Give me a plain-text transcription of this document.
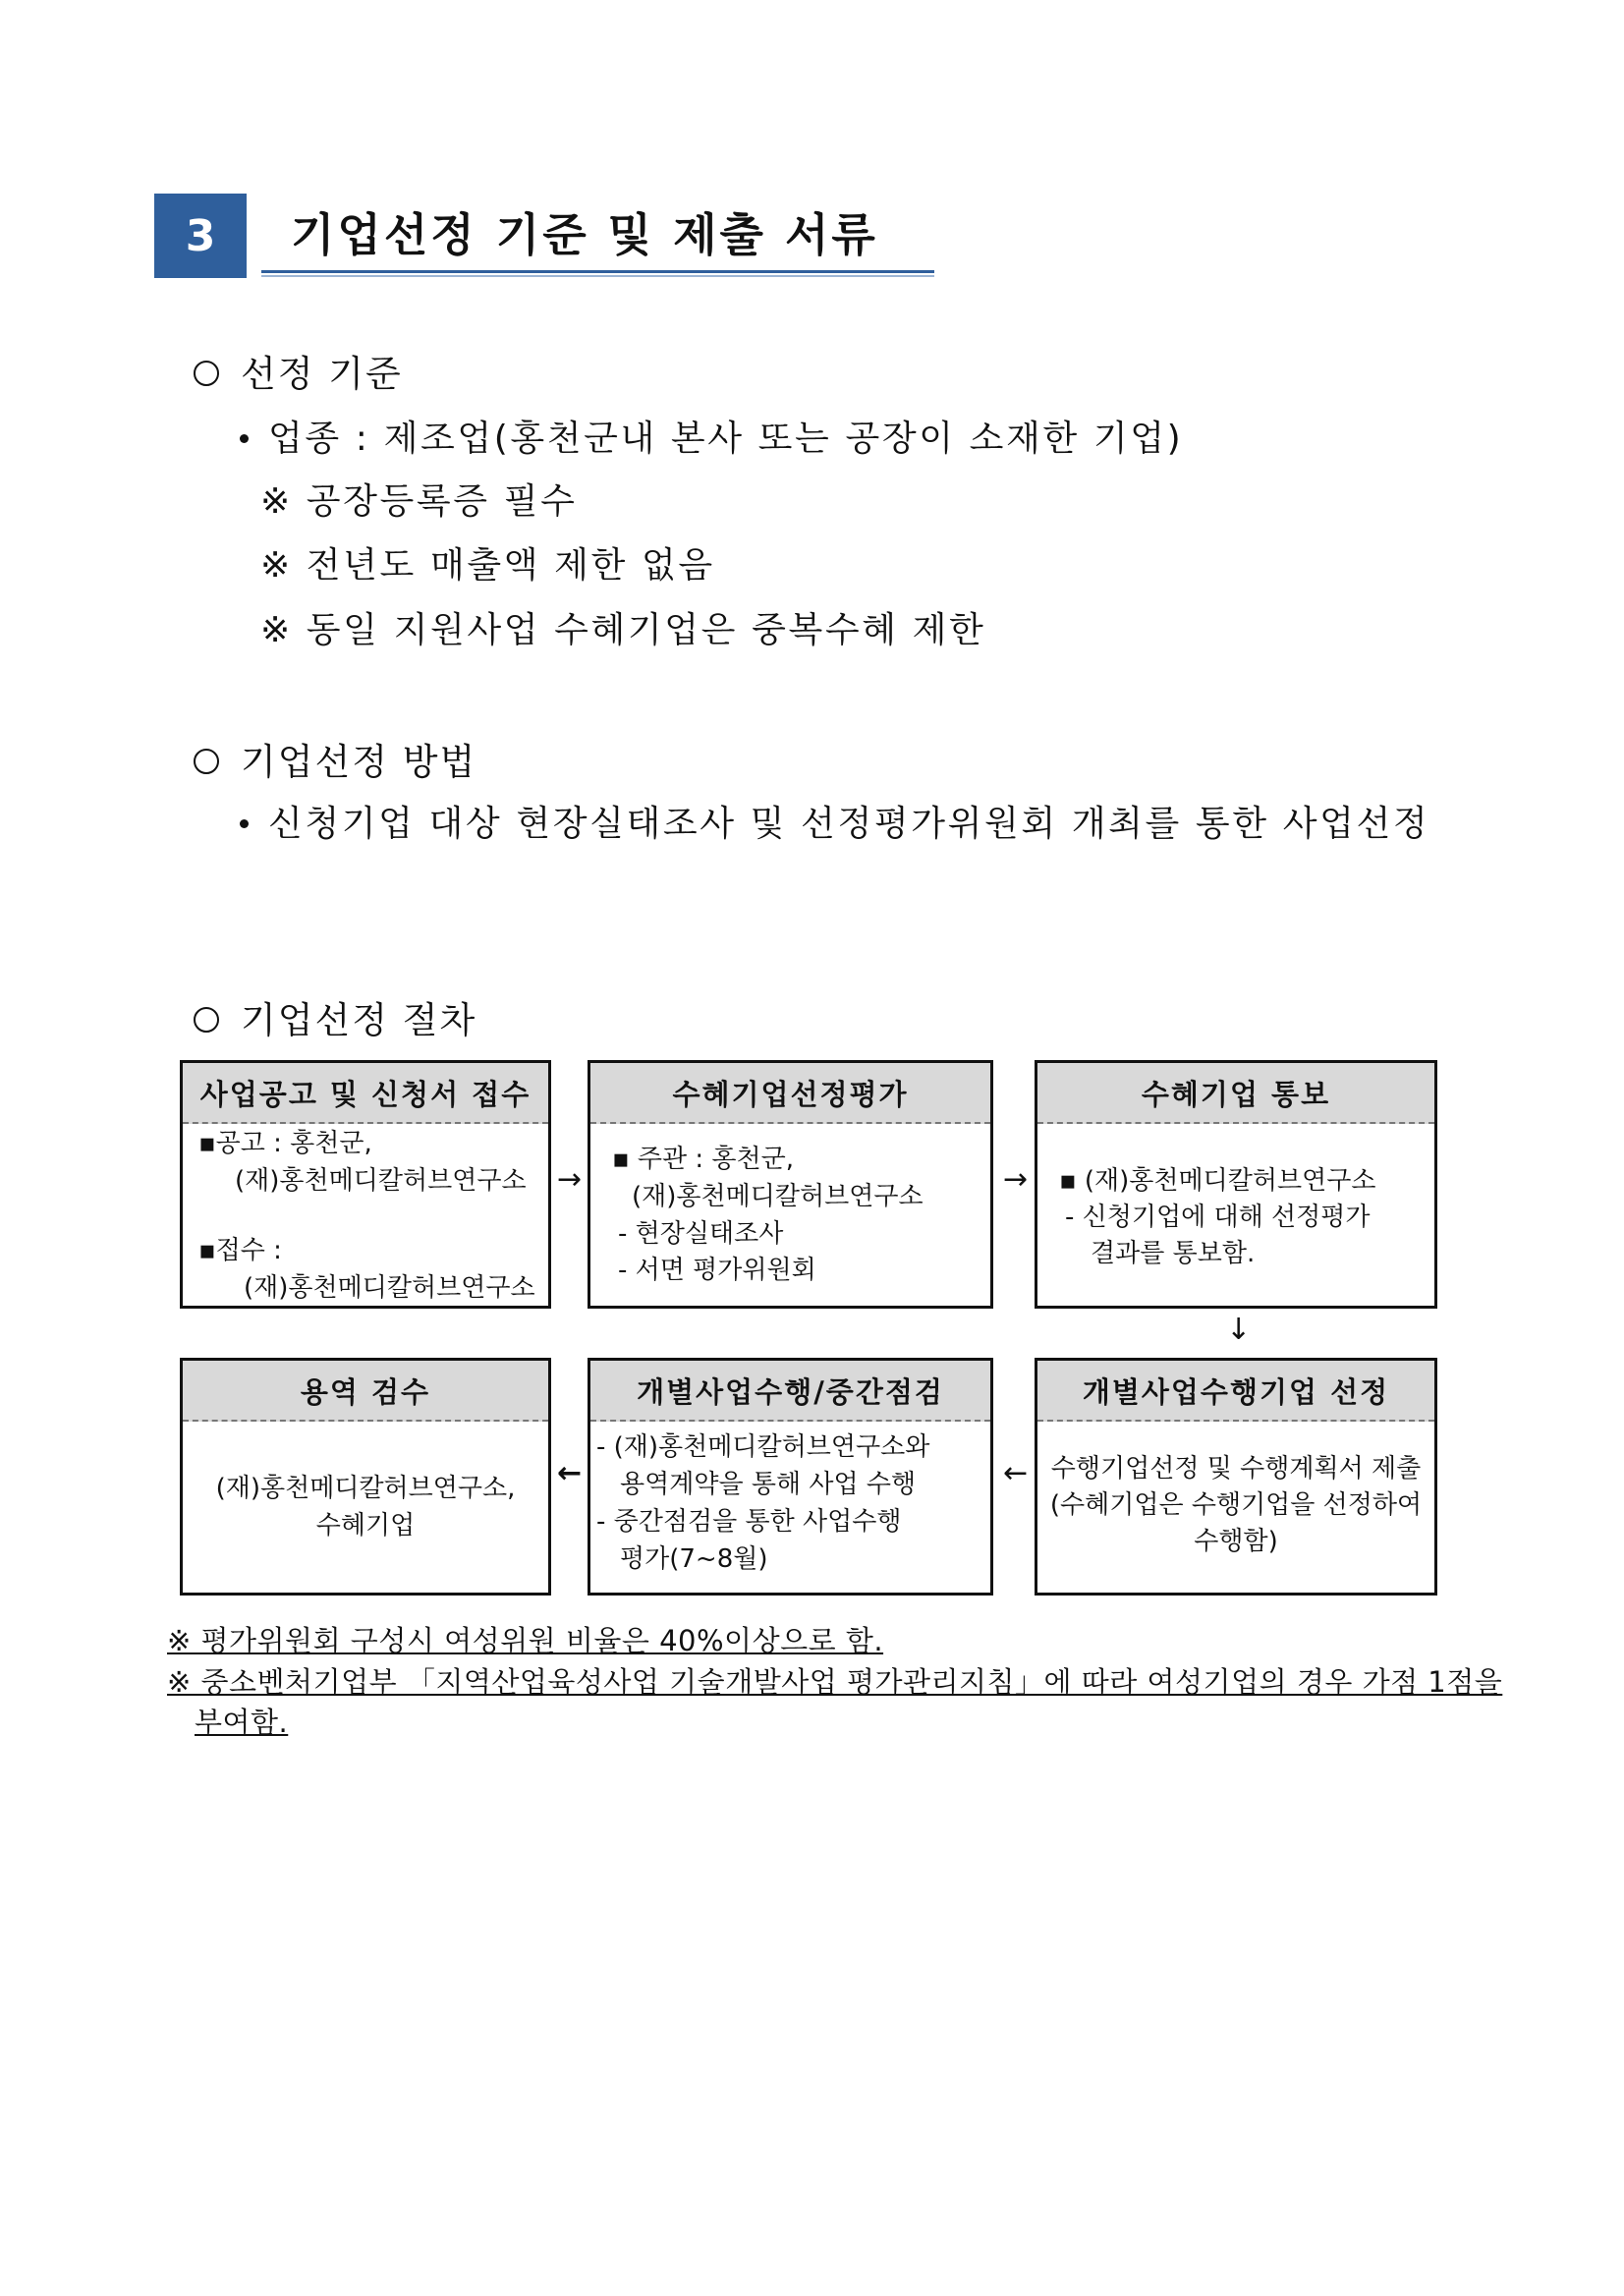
3	기업선정 기준 및 제출 서류
선정 기준
업종 : 제조업(홍천군내 본사 또는 공장이 소재한 기업)
※ 공장등록증 필수
※ 전년도 매출액 제한 없음
※ 동일 지원사업 수혜기업은 중복수혜 제한
기업선정 방법
신청기업 대상 현장실태조사 및 선정평가위원회 개최를 통한 사업선정
기업선정 절차
사업공고 및 신청서 접수
▪공고 : 홍천군,
(재)홍천메디칼허브연구소
▪접수 :
(재)홍천메디칼허브연구소
→
수혜기업선정평가
▪ 주관 : 홍천군,
(재)홍천메디칼허브연구소
- 현장실태조사
- 서면 평가위원회
→
수혜기업 통보
▪ (재)홍천메디칼허브연구소
- 신청기업에 대해 선정평가
결과를 통보함.
↓
용역 검수
(재)홍천메디칼허브연구소,
수혜기업
←
개별사업수행/중간점검
- (재)홍천메디칼허브연구소와
용역계약을 통해 사업 수행
- 중간점검을 통한 사업수행
평가(7~8월)
←
개별사업수행기업 선정
수행기업선정 및 수행계획서 제출
(수혜기업은 수행기업을 선정하여
수행함)
※ 평가위원회 구성시 여성위원 비율은 40%이상으로 함.
※ 중소벤처기업부 「지역산업육성사업 기술개발사업 평가관리지침」에 따라 여성기업의 경우 가점 1점을
부여함.
